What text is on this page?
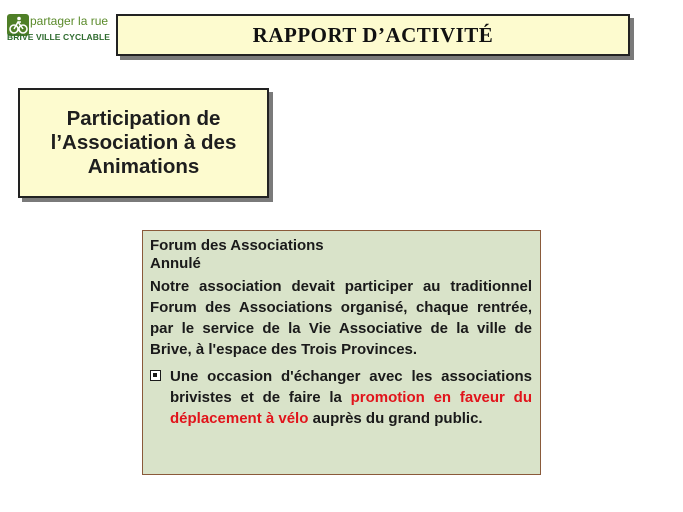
partager la rue
BRIVE VILLE CYCLABLE	RAPPORT D’ACTIVITÉ
Participation de l’Association à des Animations
Forum des Associations
Annulé
Notre association devait participer au traditionnel Forum des Associations organisé, chaque rentrée, par le service de la Vie Associative de la ville de Brive, à l'espace des Trois Provinces.
Une occasion d'échanger avec les associations brivistes et de faire la promotion en faveur du déplacement à vélo auprès du grand public.
